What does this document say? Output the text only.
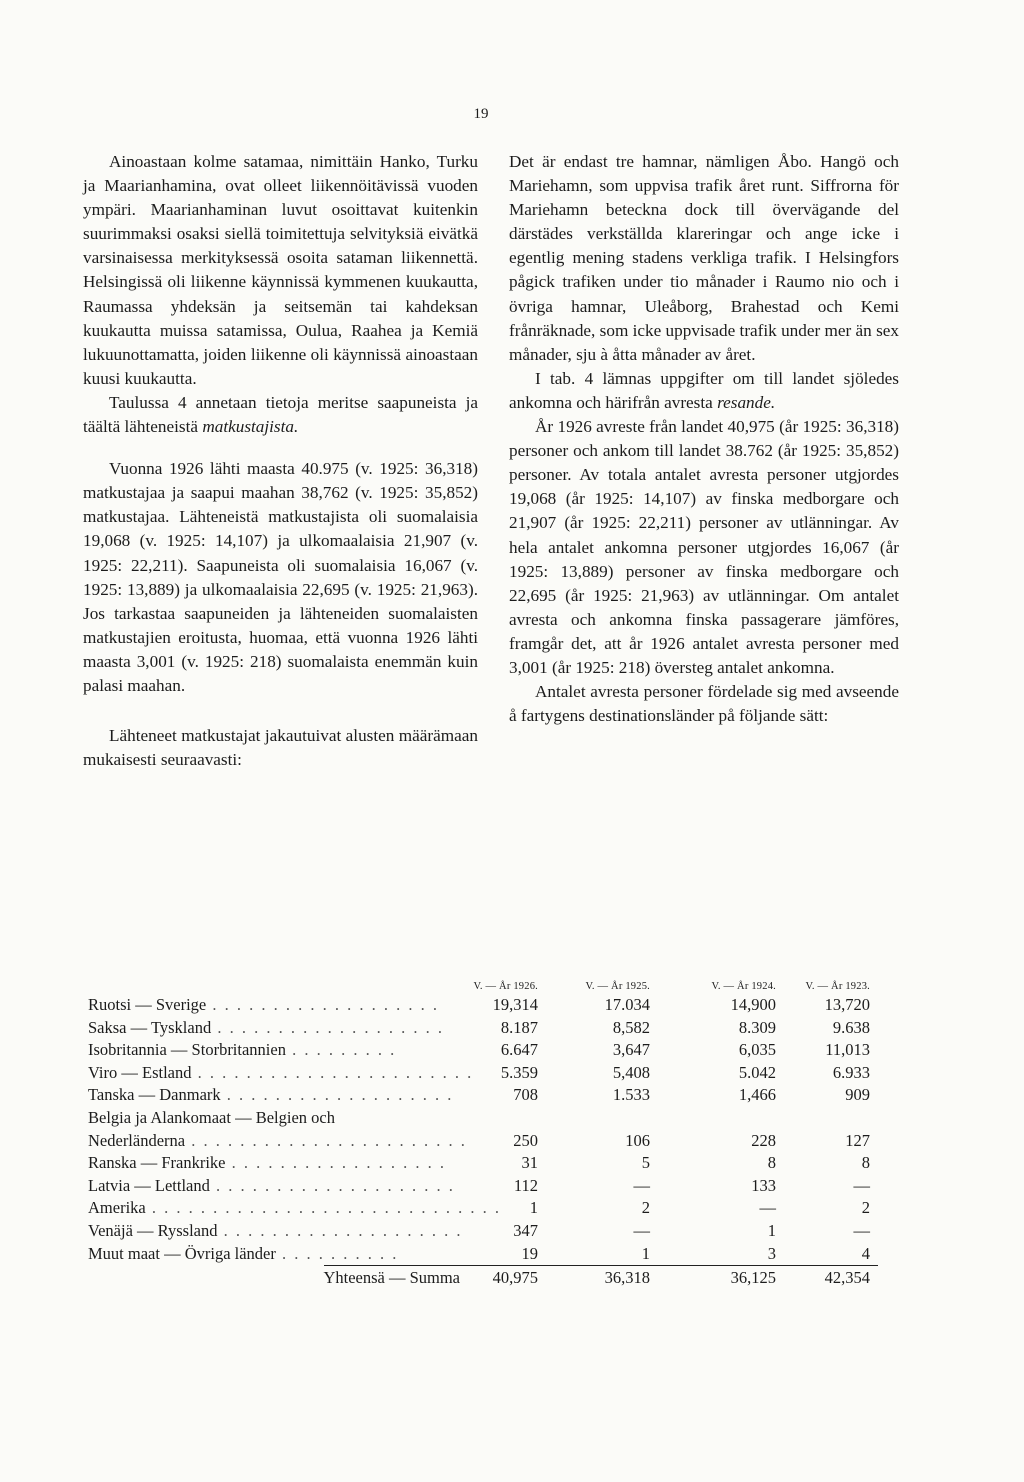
19

Ainoastaan kolme satamaa, nimittäin Hanko, Turku ja Maarianhamina, ovat olleet liikennöitävissä vuoden ympäri. Maarianhaminan luvut osoittavat kuitenkin suurimmaksi osaksi siellä toimitettuja selvityksiä eivätkä varsinaisessa merkityksessä osoita sataman liikennettä. Helsingissä oli liikenne käynnissä kymmenen kuukautta, Raumassa yhdeksän ja seitsemän tai kahdeksan kuukautta muissa satamissa, Oulua, Raahea ja Kemiä lukuunottamatta, joiden liikenne oli käynnissä ainoastaan kuusi kuukautta.

Taulussa 4 annetaan tietoja meritse saapuneista ja täältä lähteneistä matkustajista.

Vuonna 1926 lähti maasta 40.975 (v. 1925: 36,318) matkustajaa ja saapui maahan 38,762 (v. 1925: 35,852) matkustajaa. Lähteneistä matkustajista oli suomalaisia 19,068 (v. 1925: 14,107) ja ulkomaalaisia 21,907 (v. 1925: 22,211). Saapuneista oli suomalaisia 16,067 (v. 1925: 13,889) ja ulkomaalaisia 22,695 (v. 1925: 21,963). Jos tarkastaa saapuneiden ja lähteneiden suomalaisten matkustajien eroitusta, huomaa, että vuonna 1926 lähti maasta 3,001 (v. 1925: 218) suomalaista enemmän kuin palasi maahan.

Lähteneet matkustajat jakautuivat alusten määrämaan mukaisesti seuraavasti:

Det är endast tre hamnar, nämligen Åbo. Hangö och Mariehamn, som uppvisa trafik året runt. Siffrorna för Mariehamn beteckna dock till övervägande del därstädes verkställda klareringar och ange icke i egentlig mening stadens verkliga trafik. I Helsingfors pågick trafiken under tio månader i Raumo nio och i övriga hamnar, Uleåborg, Brahestad och Kemi frånräknade, som icke uppvisade trafik under mer än sex månader, sju à åtta månader av året.

I tab. 4 lämnas uppgifter om till landet sjöledes ankomna och härifrån avresta resande.

År 1926 avreste från landet 40,975 (år 1925: 36,318) personer och ankom till landet 38.762 (år 1925: 35,852) personer. Av totala antalet avresta personer utgjordes 19,068 (år 1925: 14,107) av finska medborgare och 21,907 (år 1925: 22,211) personer av utlänningar. Av hela antalet ankomna personer utgjordes 16,067 (år 1925: 13,889) personer av finska medborgare och 22,695 (år 1925: 21,963) av utlänningar. Om antalet avresta och ankomna finska passagerare jämföres, framgår det, att år 1926 antalet avresta personer med 3,001 (år 1925: 218) översteg antalet ankomna.

Antalet avresta personer fördelade sig med avseende å fartygens destinationsländer på följande sätt:

V. — År 1926.	V. — År 1925.	V. — År 1924.	V. — År 1923.
Ruotsi — Sverige . . . . . . . . . . . . . . . . . . .	19,314	17.034	14,900	13,720
Saksa — Tyskland . . . . . . . . . . . . . . . . . . .	8.187	8,582	8.309	9.638
Isobritannia — Storbritannien . . . . . . . . .	6.647	3,647	6,035	11,013
Viro — Estland . . . . . . . . . . . . . . . . . . . . . . .	5.359	5,408	5.042	6.933
Tanska — Danmark . . . . . . . . . . . . . . . . . . .	708	1.533	1,466	909
Belgia ja Alankomaat — Belgien och
Nederländerna . . . . . . . . . . . . . . . . . . . . . . .	250	106	228	127
Ranska — Frankrike . . . . . . . . . . . . . . . . . .	31	5	8	8
Latvia — Lettland . . . . . . . . . . . . . . . . . . . .	112	—	133	—
Amerika . . . . . . . . . . . . . . . . . . . . . . . . . . . . .	1	2	—	2
Venäjä — Ryssland . . . . . . . . . . . . . . . . . . . .	347	—	1	—
Muut maat — Övriga länder . . . . . . . . . .	19	1	3	4
Yhteensä — Summa	40,975	36,318	36,125	42,354
